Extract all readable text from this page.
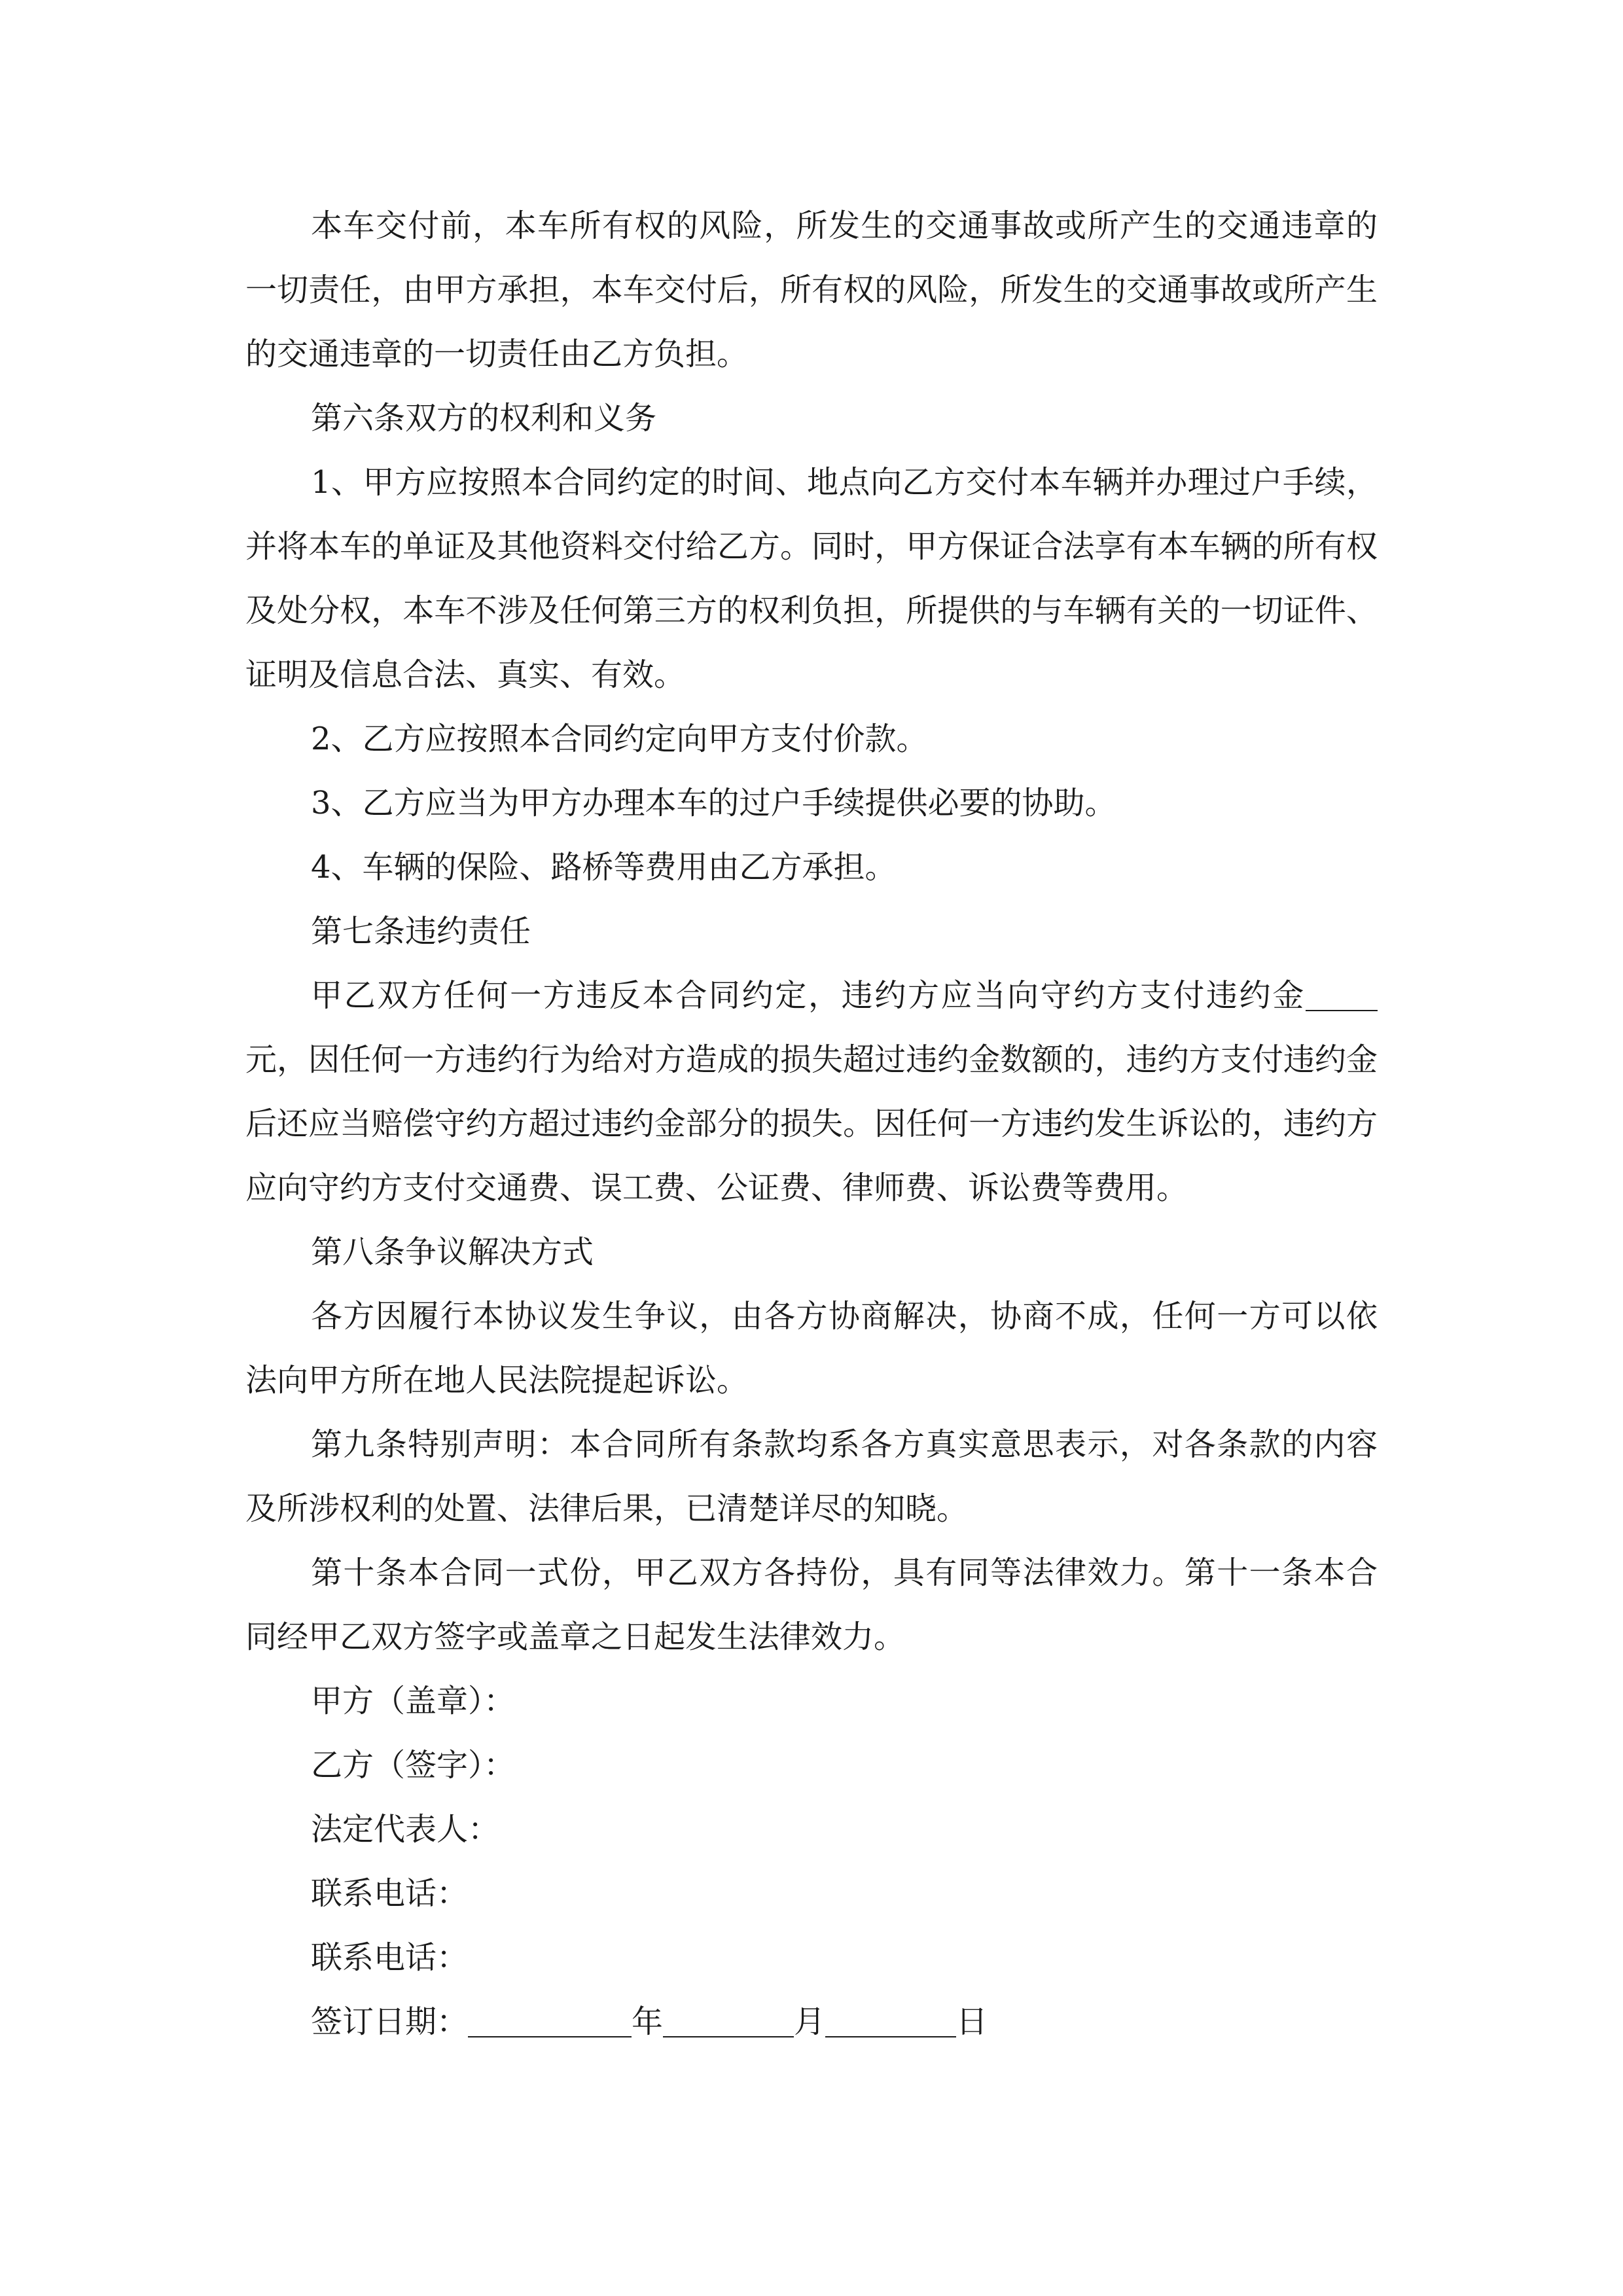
本车交付前，本车所有权的风险，所发生的交通事故或所产生的交通违章的一切责任，由甲方承担，本车交付后，所有权的风险，所发生的交通事故或所产生的交通违章的一切责任由乙方负担。

第六条双方的权利和义务

1、甲方应按照本合同约定的时间、地点向乙方交付本车辆并办理过户手续，并将本车的单证及其他资料交付给乙方。同时，甲方保证合法享有本车辆的所有权及处分权，本车不涉及任何第三方的权利负担，所提供的与车辆有关的一切证件、证明及信息合法、真实、有效。

2、乙方应按照本合同约定向甲方支付价款。

3、乙方应当为甲方办理本车的过户手续提供必要的协助。

4、车辆的保险、路桥等费用由乙方承担。

第七条违约责任

甲乙双方任何一方违反本合同约定，违约方应当向守约方支付违约金元，因任何一方违约行为给对方造成的损失超过违约金数额的，违约方支付违约金后还应当赔偿守约方超过违约金部分的损失。因任何一方违约发生诉讼的，违约方应向守约方支付交通费、误工费、公证费、律师费、诉讼费等费用。

第八条争议解决方式

各方因履行本协议发生争议，由各方协商解决，协商不成，任何一方可以依法向甲方所在地人民法院提起诉讼。

第九条特别声明：本合同所有条款均系各方真实意思表示，对各条款的内容及所涉权利的处置、法律后果，已清楚详尽的知晓。

第十条本合同一式份，甲乙双方各持份，具有同等法律效力。第十一条本合同经甲乙双方签字或盖章之日起发生法律效力。

甲方（盖章）：

乙方（签字）：

法定代表人：

联系电话：

联系电话：

签订日期：	年	月	日
